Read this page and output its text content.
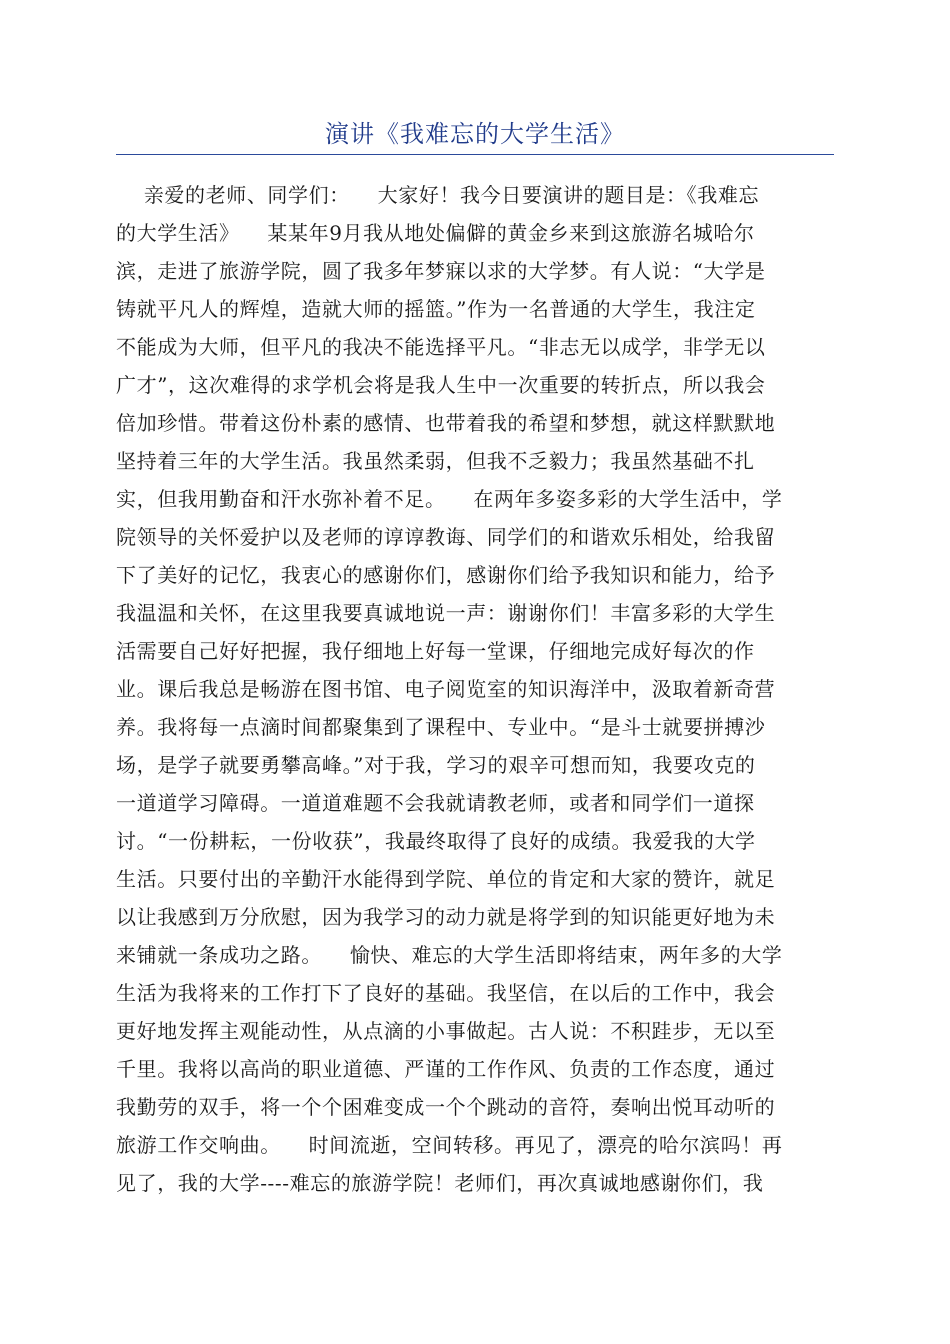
演讲《我难忘的大学生活》
亲爱的老师、同学们：    大家好！我今日要演讲的题目是：《我难忘
的大学生活》    某某年9月我从地处偏僻的黄金乡来到这旅游名城哈尔
滨，走进了旅游学院，圆了我多年梦寐以求的大学梦。有人说：“大学是
铸就平凡人的辉煌，造就大师的摇篮。”作为一名普通的大学生，我注定
不能成为大师，但平凡的我决不能选择平凡。“非志无以成学，非学无以
广才”，这次难得的求学机会将是我人生中一次重要的转折点，所以我会
倍加珍惜。带着这份朴素的感情、也带着我的希望和梦想，就这样默默地
坚持着三年的大学生活。我虽然柔弱，但我不乏毅力；我虽然基础不扎
实，但我用勤奋和汗水弥补着不足。    在两年多姿多彩的大学生活中，学
院领导的关怀爱护以及老师的谆谆教诲、同学们的和谐欢乐相处，给我留
下了美好的记忆，我衷心的感谢你们，感谢你们给予我知识和能力，给予
我温温和关怀，在这里我要真诚地说一声：谢谢你们！丰富多彩的大学生
活需要自己好好把握，我仔细地上好每一堂课，仔细地完成好每次的作
业。课后我总是畅游在图书馆、电子阅览室的知识海洋中，汲取着新奇营
养。我将每一点滴时间都聚集到了课程中、专业中。“是斗士就要拼搏沙
场，是学子就要勇攀高峰。”对于我，学习的艰辛可想而知，我要攻克的
一道道学习障碍。一道道难题不会我就请教老师，或者和同学们一道探
讨。“一份耕耘，一份收获”，我最终取得了良好的成绩。我爱我的大学
生活。只要付出的辛勤汗水能得到学院、单位的肯定和大家的赞许，就足
以让我感到万分欣慰，因为我学习的动力就是将学到的知识能更好地为未
来铺就一条成功之路。    愉快、难忘的大学生活即将结束，两年多的大学
生活为我将来的工作打下了良好的基础。我坚信，在以后的工作中，我会
更好地发挥主观能动性，从点滴的小事做起。古人说：不积跬步，无以至
千里。我将以高尚的职业道德、严谨的工作作风、负责的工作态度，通过
我勤劳的双手，将一个个困难变成一个个跳动的音符，奏响出悦耳动听的
旅游工作交响曲。    时间流逝，空间转移。再见了，漂亮的哈尔滨吗！再
见了，我的大学----难忘的旅游学院！老师们，再次真诚地感谢你们，我
